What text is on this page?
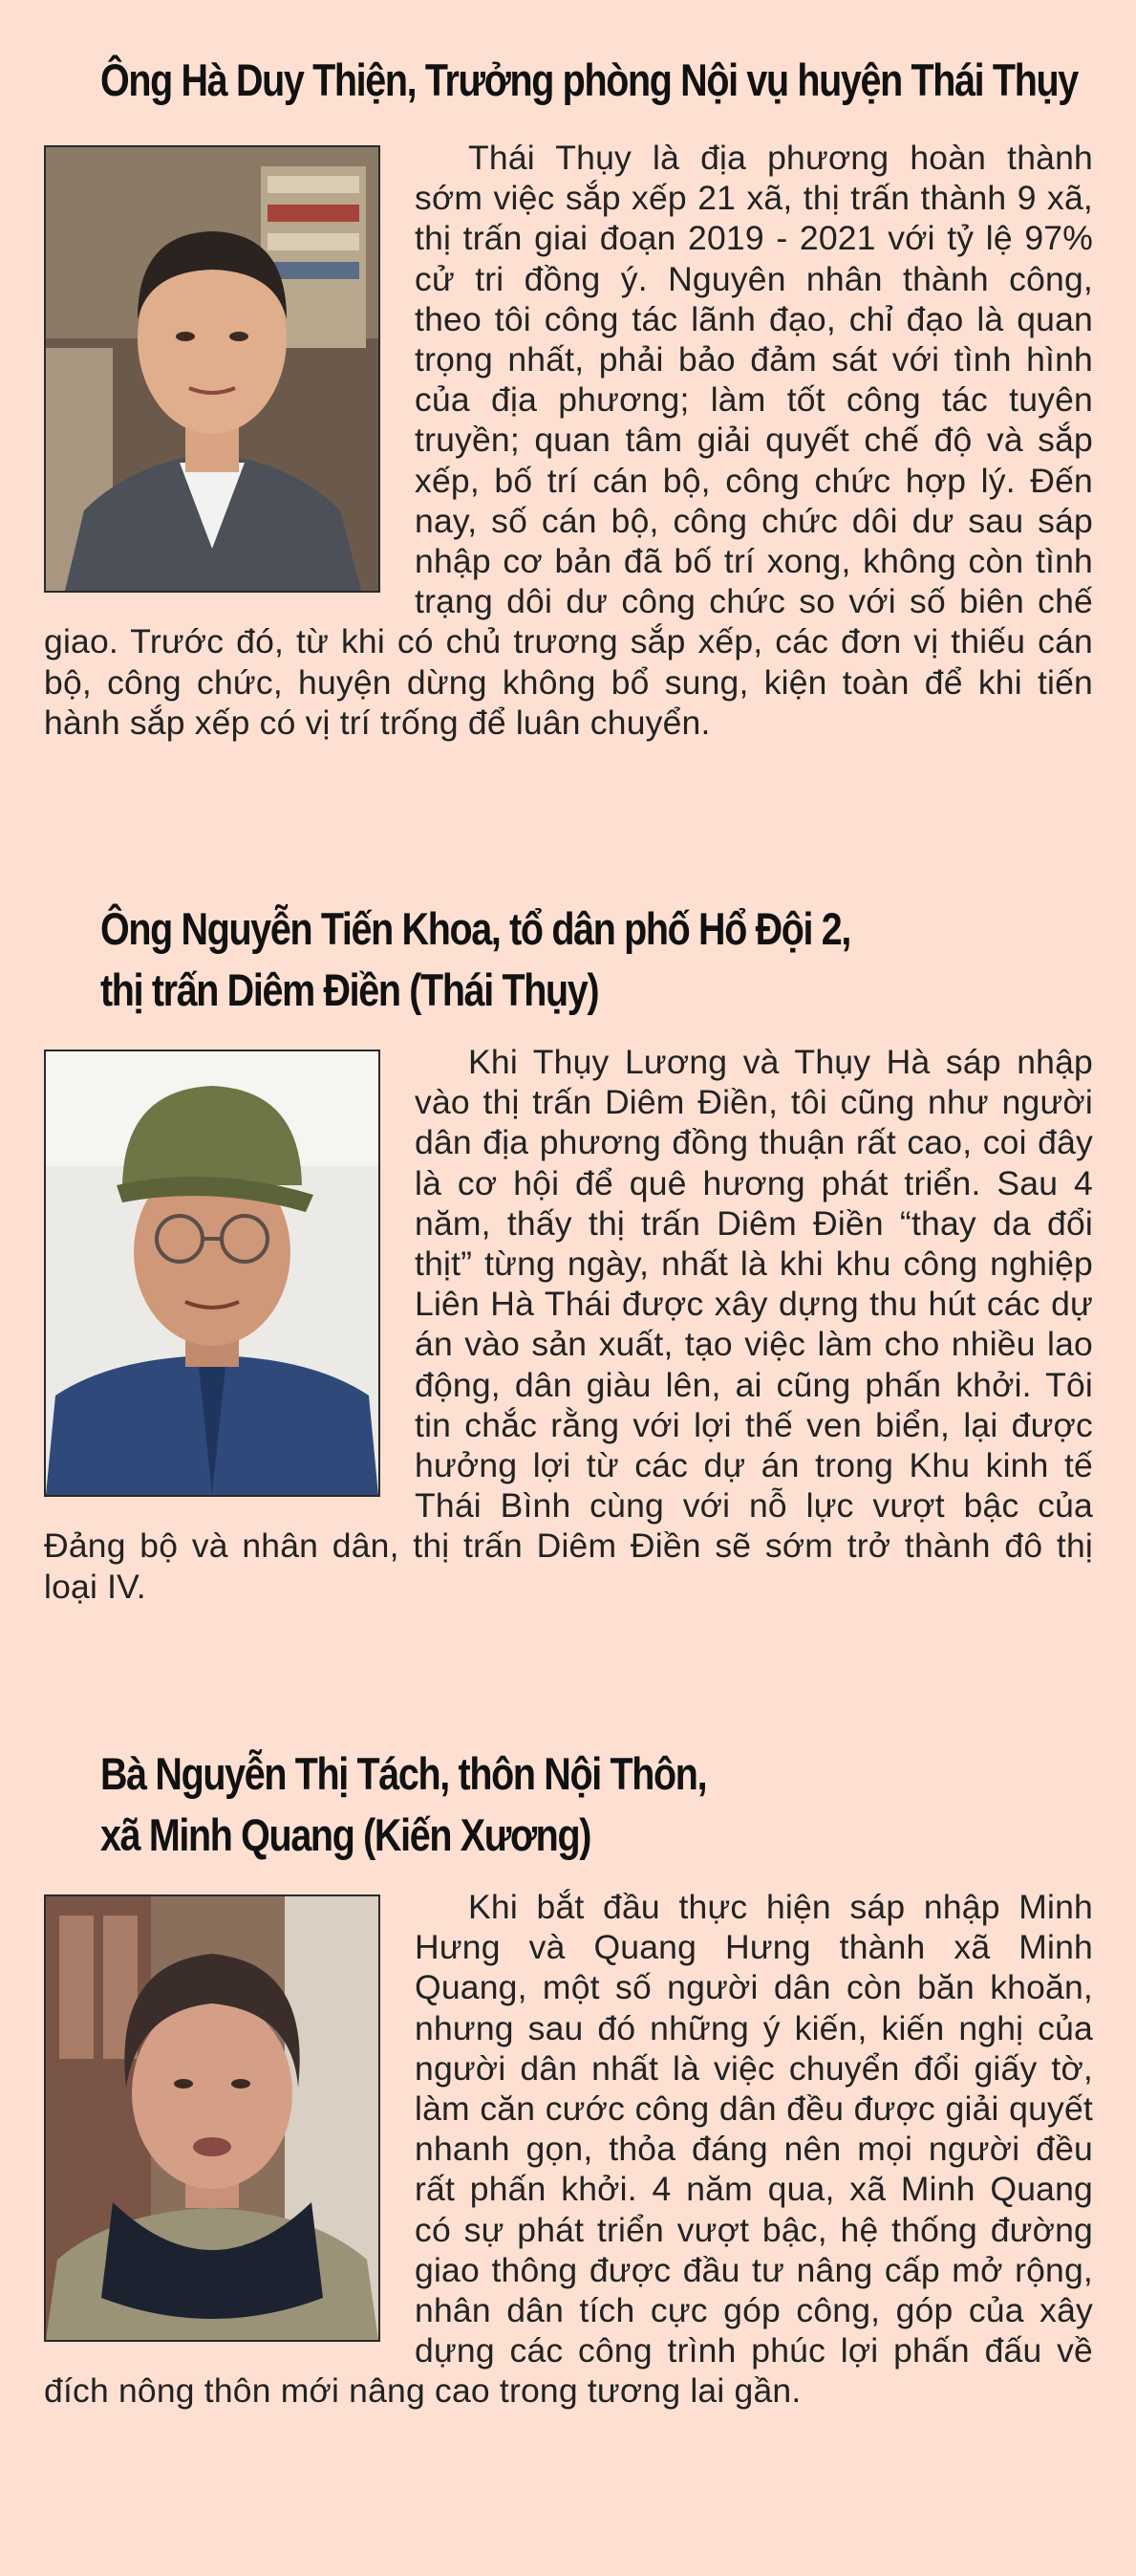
Ông Hà Duy Thiện, Trưởng phòng Nội vụ huyện Thái Thụy

Thái Thụy là địa phương hoàn thành sớm việc sắp xếp 21 xã, thị trấn thành 9 xã, thị trấn giai đoạn 2019 - 2021 với tỷ lệ 97% cử tri đồng ý. Nguyên nhân thành công, theo tôi công tác lãnh đạo, chỉ đạo là quan trọng nhất, phải bảo đảm sát với tình hình của địa phương; làm tốt công tác tuyên truyền; quan tâm giải quyết chế độ và sắp xếp, bố trí cán bộ, công chức hợp lý. Đến nay, số cán bộ, công chức dôi dư sau sáp nhập cơ bản đã bố trí xong, không còn tình trạng dôi dư công chức so với số biên chế giao. Trước đó, từ khi có chủ trương sắp xếp, các đơn vị thiếu cán bộ, công chức, huyện dừng không bổ sung, kiện toàn để khi tiến hành sắp xếp có vị trí trống để luân chuyển.

Ông Nguyễn Tiến Khoa, tổ dân phố Hổ Đội 2,
thị trấn Diêm Điền (Thái Thụy)

Khi Thụy Lương và Thụy Hà sáp nhập vào thị trấn Diêm Điền, tôi cũng như người dân địa phương đồng thuận rất cao, coi đây là cơ hội để quê hương phát triển. Sau 4 năm, thấy thị trấn Diêm Điền “thay da đổi thịt” từng ngày, nhất là khi khu công nghiệp Liên Hà Thái được xây dựng thu hút các dự án vào sản xuất, tạo việc làm cho nhiều lao động, dân giàu lên, ai cũng phấn khởi. Tôi tin chắc rằng với lợi thế ven biển, lại được hưởng lợi từ các dự án trong Khu kinh tế Thái Bình cùng với nỗ lực vượt bậc của Đảng bộ và nhân dân, thị trấn Diêm Điền sẽ sớm trở thành đô thị loại IV.

Bà Nguyễn Thị Tách, thôn Nội Thôn,
xã Minh Quang (Kiến Xương)

Khi bắt đầu thực hiện sáp nhập Minh Hưng và Quang Hưng thành xã Minh Quang, một số người dân còn băn khoăn, nhưng sau đó những ý kiến, kiến nghị của người dân nhất là việc chuyển đổi giấy tờ, làm căn cước công dân đều được giải quyết nhanh gọn, thỏa đáng nên mọi người đều rất phấn khởi. 4 năm qua, xã Minh Quang có sự phát triển vượt bậc, hệ thống đường giao thông được đầu tư nâng cấp mở rộng, nhân dân tích cực góp công, góp của xây dựng các công trình phúc lợi phấn đấu về đích nông thôn mới nâng cao trong tương lai gần.
